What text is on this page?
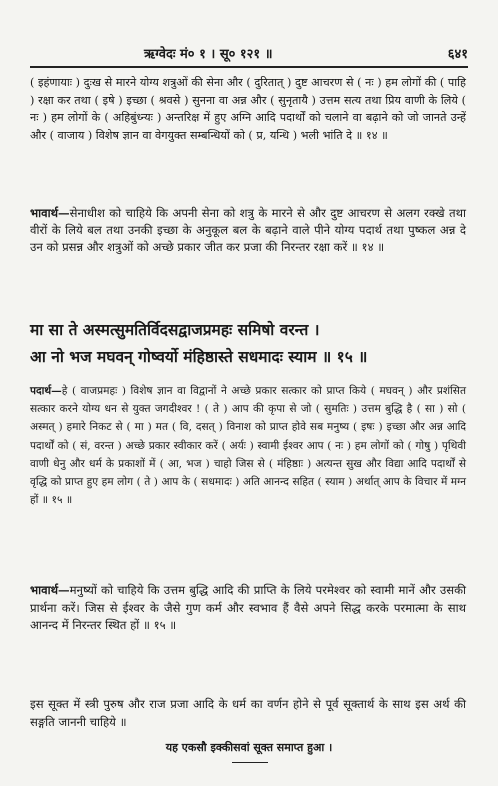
ऋग्वेदः मं० १ । सू० १२१ ॥	६४१
( इहंणायाः ) दुःख से मारने योग्य शत्रुओं की सेना और ( दुरितात् ) दुष्ट आचरण से ( नः ) हम लोगों की ( पाहि ) रक्षा कर तथा ( इषे ) इच्छा ( श्रवसे ) सुनना वा अन्न और ( सुनृतायै ) उत्तम सत्य तथा प्रिय वाणी के लिये ( नः ) हम लोगों के ( अहिबुंध्न्यः ) अन्तरिक्ष में हुए अग्नि आदि पदार्थों को चलाने वा बढ़ाने को जो जानते उन्हें और ( वाजाय ) विशेष ज्ञान वा वेगयुक्त सम्बन्धियों को ( प्र, यन्धि ) भली भांति दे ॥ १४ ॥
भावार्थ—सेनाधीश को चाहिये कि अपनी सेना को शत्रु के मारने से और दुष्ट आचरण से अलग रक्खे तथा वीरों के लिये बल तथा उनकी इच्छा के अनुकूल बल के बढ़ाने वाले पीने योग्य पदार्थ तथा पुष्कल अन्न दे उन को प्रसन्न और शत्रुओं को अच्छे प्रकार जीत कर प्रजा की निरन्तर रक्षा करें ॥ १४ ॥
मा सा ते अस्मत्सुमतिर्विदसद्वाजप्रमहः समिषो वरन्त ।
आ नो भज मघवन् गोष्वर्यो मंहिष्ठास्ते सधमादः स्याम ॥ १५ ॥
पदार्थ—हे ( वाजप्रमहः ) विशेष ज्ञान वा विद्वानों ने अच्छे प्रकार सत्कार को प्राप्त किये ( मघवन् ) और प्रशंसित सत्कार करने योग्य धन से युक्त जगदीश्वर ! ( ते ) आप की कृपा से जो ( सुमतिः ) उत्तम बुद्धि है ( सा ) सो ( अस्मत् ) हमारे निकट से ( मा ) मत ( वि, दसत् ) विनाश को प्राप्त होवे सब मनुष्य ( इषः ) इच्छा और अन्न आदि पदार्थों को ( सं, वरन्त ) अच्छे प्रकार स्वीकार करें ( अर्यः ) स्वामी ईश्वर आप ( नः ) हम लोगों को ( गोषु ) पृथिवी वाणी धेनु और धर्म के प्रकाशों में ( आ, भज ) चाहो जिस से ( मंहिष्ठाः ) अत्यन्त सुख और विद्या आदि पदार्थों से वृद्धि को प्राप्त हुए हम लोग ( ते ) आप के ( सधमादः ) अति आनन्द सहित ( स्याम ) अर्थात् आप के विचार में मग्न हों ॥ १५ ॥
भावार्थ—मनुष्यों को चाहिये कि उत्तम बुद्धि आदि की प्राप्ति के लिये परमेश्वर को स्वामी मानें और उसकी प्रार्थना करें। जिस से ईश्वर के जैसे गुण कर्म और स्वभाव हैं वैसे अपने सिद्ध करके परमात्मा के साथ आनन्द में निरन्तर स्थित हों ॥ १५ ॥
इस सूक्त में स्त्री पुरुष और राज प्रजा आदि के धर्म का वर्णन होने से पूर्व सूक्तार्थ के साथ इस अर्थ की सङ्गति जाननी चाहिये ॥
यह एकसौ इक्कीसवां सूक्त समाप्त हुआ ।
